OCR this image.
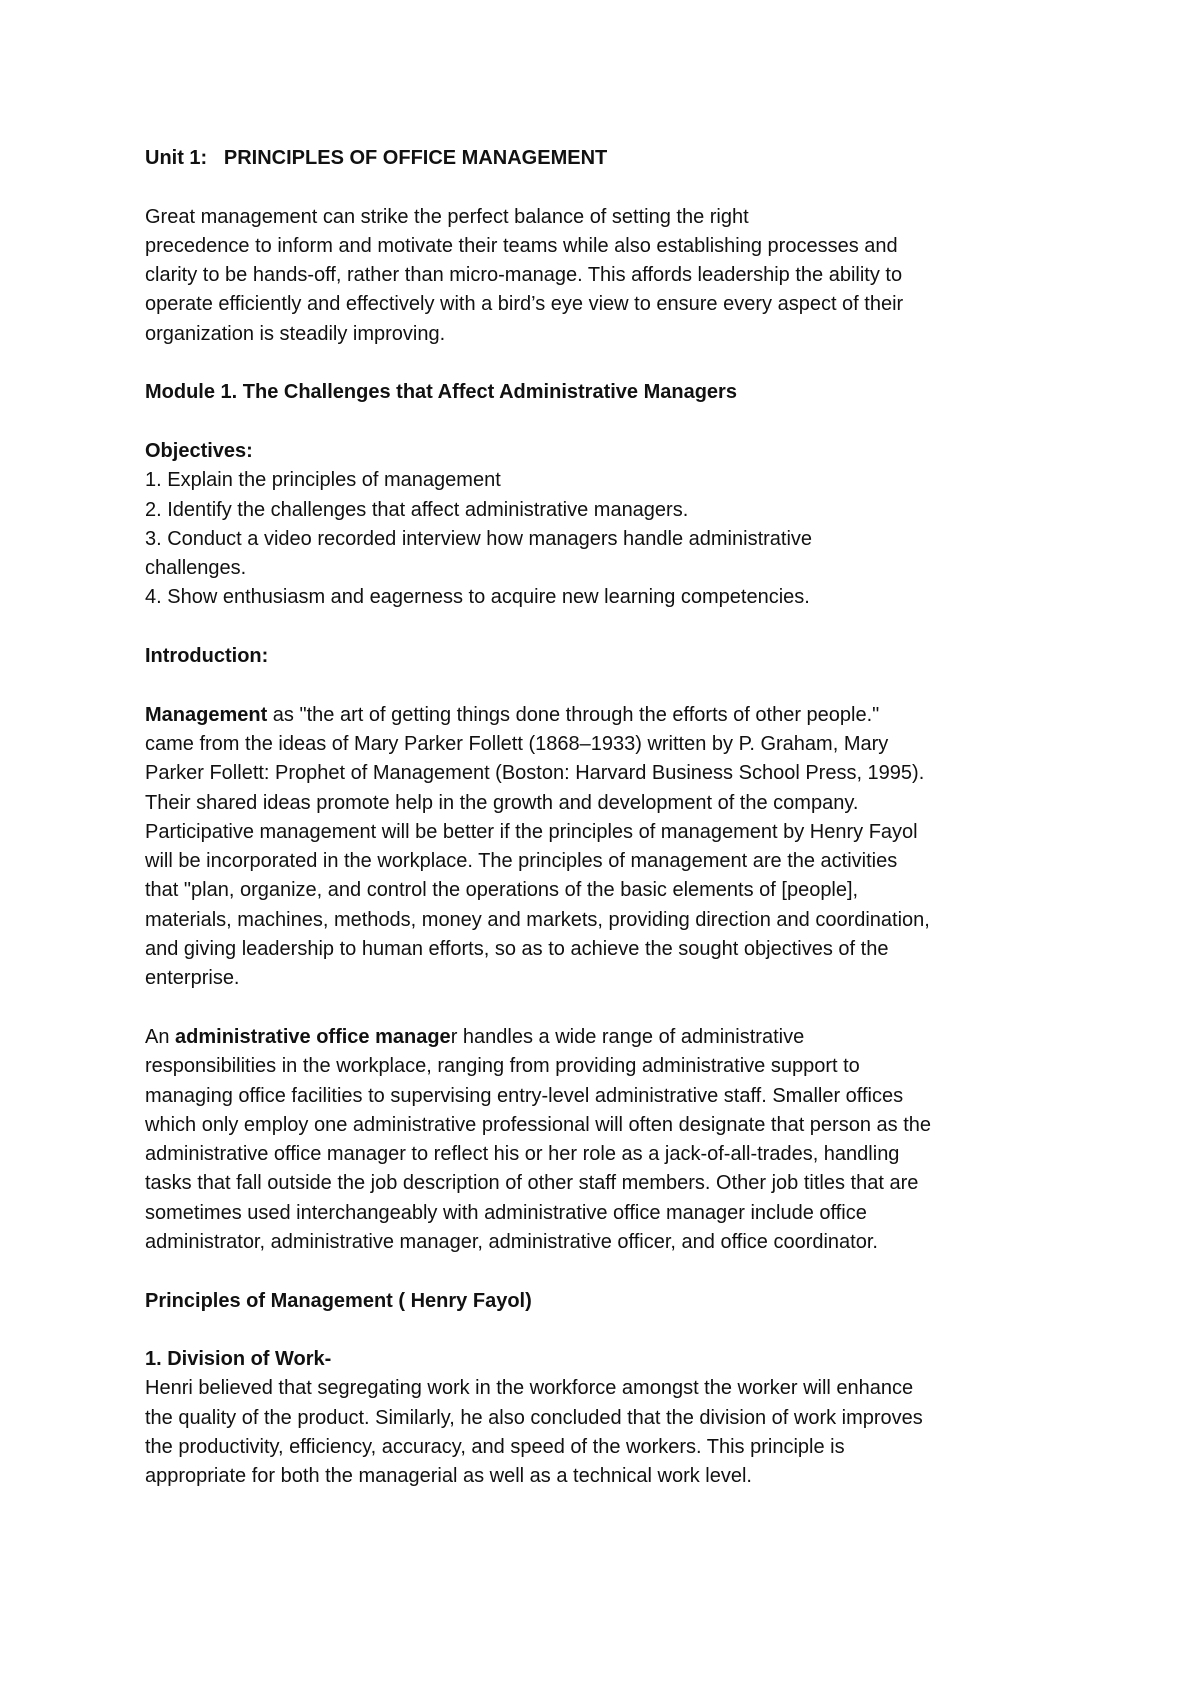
Unit 1: PRINCIPLES OF OFFICE MANAGEMENT
Great management can strike the perfect balance of setting the right
precedence to inform and motivate their teams while also establishing processes and
clarity to be hands-off, rather than micro-manage. This affords leadership the ability to
operate efficiently and effectively with a bird’s eye view to ensure every aspect of their
organization is steadily improving.
Module 1. The Challenges that Affect Administrative Managers
Objectives:
1. Explain the principles of management
2. Identify the challenges that affect administrative managers.
3. Conduct a video recorded interview how managers handle administrative
challenges.
4. Show enthusiasm and eagerness to acquire new learning competencies.
Introduction:
Management as "the art of getting things done through the efforts of other people."
came from the ideas of Mary Parker Follett (1868–1933) written by P. Graham, Mary
Parker Follett: Prophet of Management (Boston: Harvard Business School Press, 1995).
Their shared ideas promote help in the growth and development of the company.
Participative management will be better if the principles of management by Henry Fayol
will be incorporated in the workplace. The principles of management are the activities
that "plan, organize, and control the operations of the basic elements of [people],
materials, machines, methods, money and markets, providing direction and coordination,
and giving leadership to human efforts, so as to achieve the sought objectives of the
enterprise.
An administrative office manager handles a wide range of administrative
responsibilities in the workplace, ranging from providing administrative support to
managing office facilities to supervising entry-level administrative staff. Smaller offices
which only employ one administrative professional will often designate that person as the
administrative office manager to reflect his or her role as a jack-of-all-trades, handling
tasks that fall outside the job description of other staff members. Other job titles that are
sometimes used interchangeably with administrative office manager include office
administrator, administrative manager, administrative officer, and office coordinator.
Principles of Management ( Henry Fayol)
1. Division of Work-
Henri believed that segregating work in the workforce amongst the worker will enhance
the quality of the product. Similarly, he also concluded that the division of work improves
the productivity, efficiency, accuracy, and speed of the workers. This principle is
appropriate for both the managerial as well as a technical work level.
